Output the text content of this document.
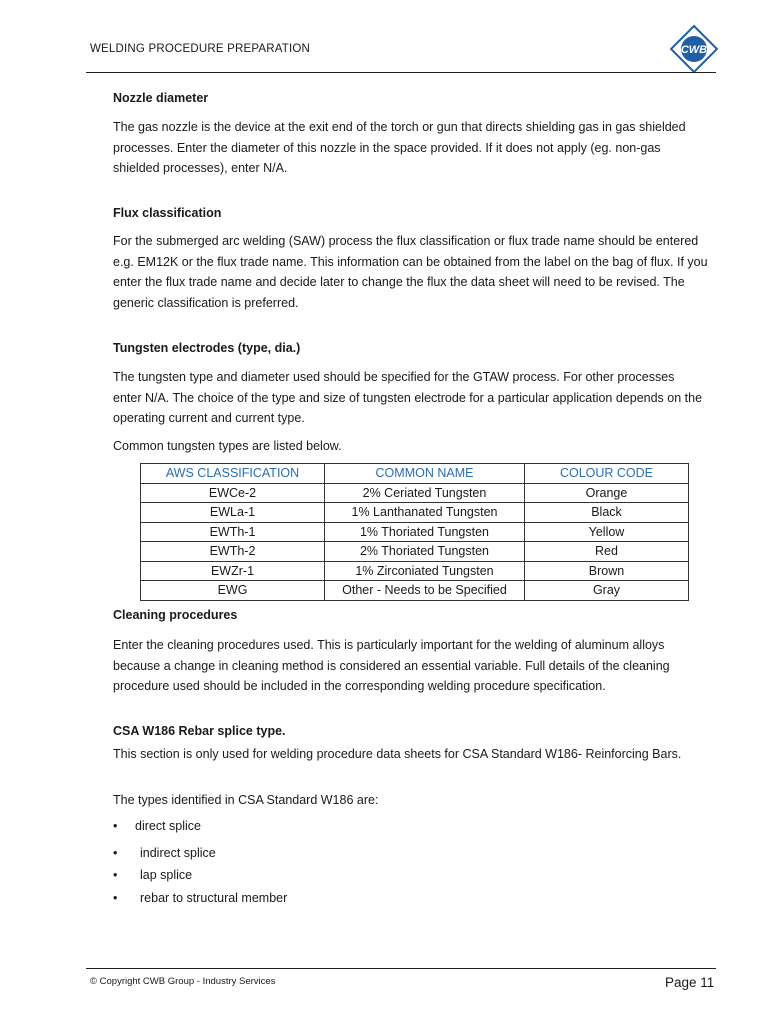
WELDING PROCEDURE PREPARATION	CWB
Nozzle diameter
The gas nozzle is the device at the exit end of the torch or gun that directs shielding gas in gas shielded
processes. Enter the diameter of this nozzle in the space provided. If it does not apply (eg. non-gas
shielded processes), enter N/A.
Flux classification
For the submerged arc welding (SAW) process the flux classification or flux trade name should be entered
e.g. EM12K or the flux trade name. This information can be obtained from the label on the bag of flux. If you
enter the flux trade name and decide later to change the flux the data sheet will need to be revised. The
generic classification is preferred.
Tungsten electrodes (type, dia.)
The tungsten type and diameter used should be specified for the GTAW process. For other processes
enter N/A. The choice of the type and size of tungsten electrode for a particular application depends on the
operating current and current type.
Common tungsten types are listed below.
AWS CLASSIFICATION	COMMON NAME	COLOUR CODE
EWCe-2	2% Ceriated Tungsten	Orange
EWLa-1	1% Lanthanated Tungsten	Black
EWTh-1	1% Thoriated Tungsten	Yellow
EWTh-2	2% Thoriated Tungsten	Red
EWZr-1	1% Zirconiated Tungsten	Brown
EWG	Other - Needs to be Specified	Gray
Cleaning procedures
Enter the cleaning procedures used. This is particularly important for the welding of aluminum alloys
because a change in cleaning method is considered an essential variable. Full details of the cleaning
procedure used should be included in the corresponding welding procedure specification.
CSA W186 Rebar splice type.
This section is only used for welding procedure data sheets for CSA Standard W186- Reinforcing Bars.
The types identified in CSA Standard W186 are:
• direct splice
• indirect splice
• lap splice
• rebar to structural member
© Copyright CWB Group - Industry Services	Page 11
